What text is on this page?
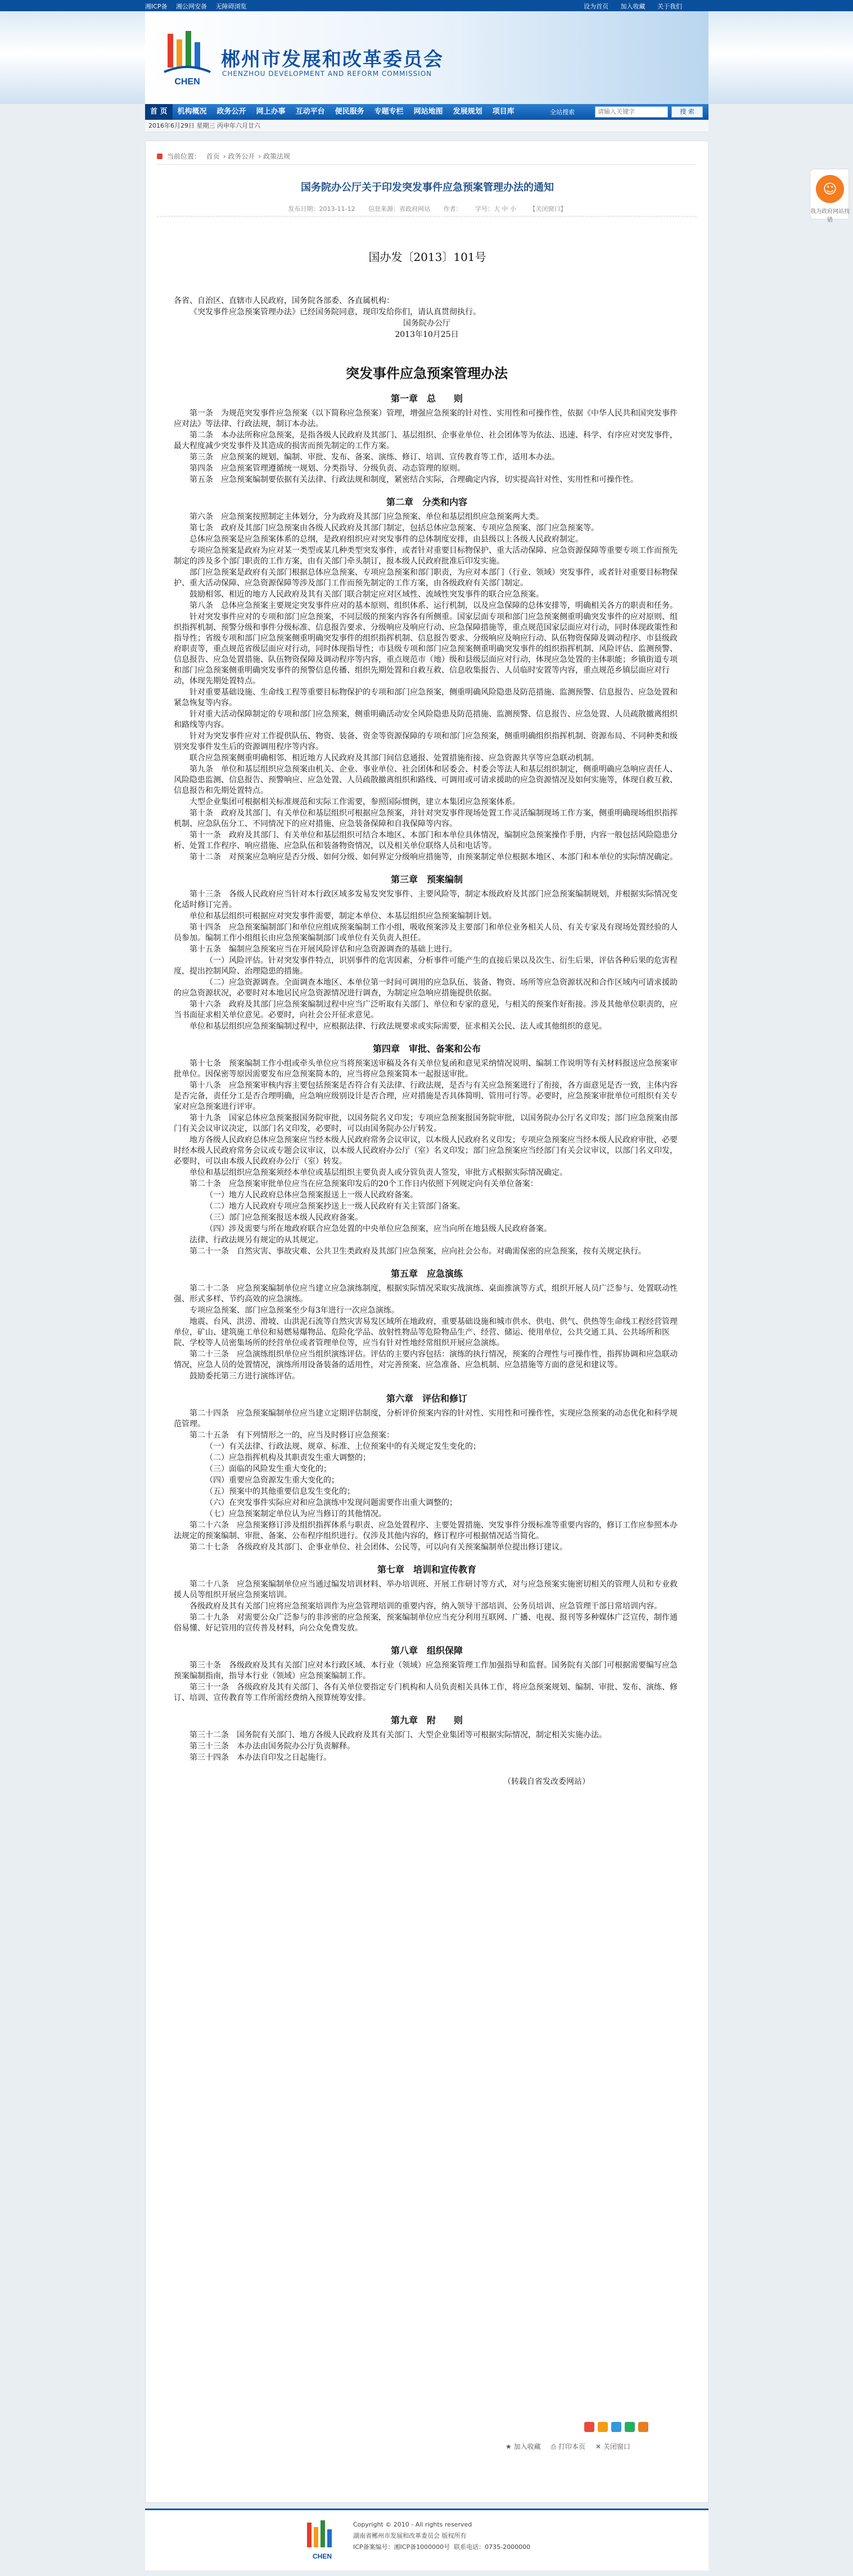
湘ICP备 湘公网安备 无障碍浏览	设为首页 加入收藏 关于我们
CHEN
郴州市发展和改革委员会
CHENZHOU DEVELOPMENT AND REFORM COMMISSION
首 页	机构概况	政务公开	网上办事	互动平台	便民服务	专题专栏	网站地图	发展规划	项目库	全站搜索
请输入关键字	搜 索
2016年6月29日 星期三 丙申年六月廿六
当前位置： 首页 › 政务公开 › 政策法规
国务院办公厅关于印发突发事件应急预案管理办法的通知
发布日期：2013-11-12 信息来源：省政府网站 作者： 字号：大 中 小 【关闭窗口】
国办发〔2013〕101号

各省、自治区、直辖市人民政府，国务院各部委、各直属机构：

《突发事件应急预案管理办法》已经国务院同意，现印发给你们，请认真贯彻执行。

国务院办公厅

2013年10月25日

突发事件应急预案管理办法
第一章　总　　则

第一条　为规范突发事件应急预案（以下简称应急预案）管理，增强应急预案的针对性、实用性和可操作性，依据《中华人民共和国突发事件应对法》等法律、行政法规，制订本办法。

第二条　本办法所称应急预案，是指各级人民政府及其部门、基层组织、企事业单位、社会团体等为依法、迅速、科学、有序应对突发事件，最大程度减少突发事件及其造成的损害而预先制定的工作方案。

第三条　应急预案的规划、编制、审批、发布、备案、演练、修订、培训、宣传教育等工作，适用本办法。

第四条　应急预案管理遵循统一规划、分类指导、分级负责、动态管理的原则。

第五条　应急预案编制要依据有关法律、行政法规和制度，紧密结合实际，合理确定内容，切实提高针对性、实用性和可操作性。

第二章　分类和内容

第六条　应急预案按照制定主体划分，分为政府及其部门应急预案、单位和基层组织应急预案两大类。

第七条　政府及其部门应急预案由各级人民政府及其部门制定，包括总体应急预案、专项应急预案、部门应急预案等。

总体应急预案是应急预案体系的总纲，是政府组织应对突发事件的总体制度安排，由县级以上各级人民政府制定。

专项应急预案是政府为应对某一类型或某几种类型突发事件，或者针对重要目标物保护、重大活动保障、应急资源保障等重要专项工作而预先制定的涉及多个部门职责的工作方案，由有关部门牵头制订，报本级人民政府批准后印发实施。

部门应急预案是政府有关部门根据总体应急预案、专项应急预案和部门职责，为应对本部门（行业、领域）突发事件，或者针对重要目标物保护、重大活动保障、应急资源保障等涉及部门工作而预先制定的工作方案，由各级政府有关部门制定。

鼓励相邻、相近的地方人民政府及其有关部门联合制定应对区域性、流域性突发事件的联合应急预案。

第八条　总体应急预案主要规定突发事件应对的基本原则、组织体系、运行机制，以及应急保障的总体安排等，明确相关各方的职责和任务。

针对突发事件应对的专项和部门应急预案，不同层级的预案内容各有所侧重。国家层面专项和部门应急预案侧重明确突发事件的应对原则、组织指挥机制、预警分级和事件分级标准、信息报告要求、分级响应及响应行动、应急保障措施等，重点规范国家层面应对行动，同时体现政策性和指导性；省级专项和部门应急预案侧重明确突发事件的组织指挥机制、信息报告要求、分级响应及响应行动、队伍物资保障及调动程序、市县级政府职责等，重点规范省级层面应对行动，同时体现指导性；市县级专项和部门应急预案侧重明确突发事件的组织指挥机制、风险评估、监测预警、信息报告、应急处置措施、队伍物资保障及调动程序等内容，重点规范市（地）级和县级层面应对行动，体现应急处置的主体职能；乡镇街道专项和部门应急预案侧重明确突发事件的预警信息传播、组织先期处置和自救互救、信息收集报告、人员临时安置等内容，重点规范乡镇层面应对行动，体现先期处置特点。

针对重要基础设施、生命线工程等重要目标物保护的专项和部门应急预案，侧重明确风险隐患及防范措施、监测预警、信息报告、应急处置和紧急恢复等内容。

针对重大活动保障制定的专项和部门应急预案，侧重明确活动安全风险隐患及防范措施、监测预警、信息报告、应急处置、人员疏散撤离组织和路线等内容。

针对为突发事件应对工作提供队伍、物资、装备、资金等资源保障的专项和部门应急预案，侧重明确组织指挥机制、资源布局、不同种类和级别突发事件发生后的资源调用程序等内容。

联合应急预案侧重明确相邻、相近地方人民政府及其部门间信息通报、处置措施衔接、应急资源共享等应急联动机制。

第九条　单位和基层组织应急预案由机关、企业、事业单位、社会团体和居委会、村委会等法人和基层组织制定，侧重明确应急响应责任人、风险隐患监测、信息报告、预警响应、应急处置、人员疏散撤离组织和路线、可调用或可请求援助的应急资源情况及如何实施等，体现自救互救、信息报告和先期处置特点。

大型企业集团可根据相关标准规范和实际工作需要，参照国际惯例，建立本集团应急预案体系。

第十条　政府及其部门、有关单位和基层组织可根据应急预案，并针对突发事件现场处置工作灵活编制现场工作方案，侧重明确现场组织指挥机制、应急队伍分工、不同情况下的应对措施、应急装备保障和自我保障等内容。

第十一条　政府及其部门、有关单位和基层组织可结合本地区、本部门和本单位具体情况，编制应急预案操作手册，内容一般包括风险隐患分析、处置工作程序、响应措施、应急队伍和装备物资情况，以及相关单位联络人员和电话等。

第十二条　对预案应急响应是否分级、如何分级、如何界定分级响应措施等，由预案制定单位根据本地区、本部门和本单位的实际情况确定。

第三章　预案编制

第十三条　各级人民政府应当针对本行政区域多发易发突发事件、主要风险等，制定本级政府及其部门应急预案编制规划，并根据实际情况变化适时修订完善。

单位和基层组织可根据应对突发事件需要，制定本单位、本基层组织应急预案编制计划。

第十四条　应急预案编制部门和单位应组成预案编制工作小组，吸收预案涉及主要部门和单位业务相关人员、有关专家及有现场处置经验的人员参加。编制工作小组组长由应急预案编制部门或单位有关负责人担任。

第十五条　编制应急预案应当在开展风险评估和应急资源调查的基础上进行。

（一）风险评估。针对突发事件特点，识别事件的危害因素，分析事件可能产生的直接后果以及次生、衍生后果，评估各种后果的危害程度，提出控制风险、治理隐患的措施。

（二）应急资源调查。全面调查本地区、本单位第一时间可调用的应急队伍、装备、物资、场所等应急资源状况和合作区域内可请求援助的应急资源状况，必要时对本地居民应急资源情况进行调查，为制定应急响应措施提供依据。

第十六条　政府及其部门应急预案编制过程中应当广泛听取有关部门、单位和专家的意见，与相关的预案作好衔接。涉及其他单位职责的，应当书面征求相关单位意见。必要时，向社会公开征求意见。

单位和基层组织应急预案编制过程中，应根据法律、行政法规要求或实际需要，征求相关公民、法人或其他组织的意见。

第四章　审批、备案和公布

第十七条　预案编制工作小组或牵头单位应当将预案送审稿及各有关单位复函和意见采纳情况说明、编制工作说明等有关材料报送应急预案审批单位。因保密等原因需要发布应急预案简本的，应当将应急预案简本一起报送审批。

第十八条　应急预案审核内容主要包括预案是否符合有关法律、行政法规，是否与有关应急预案进行了衔接，各方面意见是否一致，主体内容是否完备，责任分工是否合理明确，应急响应级别设计是否合理，应对措施是否具体简明、管用可行等。必要时，应急预案审批单位可组织有关专家对应急预案进行评审。

第十九条　国家总体应急预案报国务院审批，以国务院名义印发；专项应急预案报国务院审批，以国务院办公厅名义印发；部门应急预案由部门有关会议审议决定，以部门名义印发，必要时，可以由国务院办公厅转发。

地方各级人民政府总体应急预案应当经本级人民政府常务会议审议，以本级人民政府名义印发；专项应急预案应当经本级人民政府审批，必要时经本级人民政府常务会议或专题会议审议，以本级人民政府办公厅（室）名义印发；部门应急预案应当经部门有关会议审议，以部门名义印发，必要时，可以由本级人民政府办公厅（室）转发。

单位和基层组织应急预案须经本单位或基层组织主要负责人或分管负责人签发，审批方式根据实际情况确定。

第二十条　应急预案审批单位应当在应急预案印发后的20个工作日内依照下列规定向有关单位备案：

（一）地方人民政府总体应急预案报送上一级人民政府备案。

（二）地方人民政府专项应急预案抄送上一级人民政府有关主管部门备案。

（三）部门应急预案报送本级人民政府备案。

（四）涉及需要与所在地政府联合应急处置的中央单位应急预案，应当向所在地县级人民政府备案。

法律、行政法规另有规定的从其规定。

第二十一条　自然灾害、事故灾难、公共卫生类政府及其部门应急预案，应向社会公布。对确需保密的应急预案，按有关规定执行。

第五章　应急演练

第二十二条　应急预案编制单位应当建立应急演练制度，根据实际情况采取实战演练、桌面推演等方式，组织开展人员广泛参与、处置联动性强、形式多样、节约高效的应急演练。

专项应急预案、部门应急预案至少每3年进行一次应急演练。

地震、台风、洪涝、滑坡、山洪泥石流等自然灾害易发区域所在地政府，重要基础设施和城市供水、供电、供气、供热等生命线工程经营管理单位，矿山、建筑施工单位和易燃易爆物品、危险化学品、放射性物品等危险物品生产、经营、储运、使用单位，公共交通工具、公共场所和医院、学校等人员密集场所的经营单位或者管理单位等，应当有针对性地经常组织开展应急演练。

第二十三条　应急演练组织单位应当组织演练评估。评估的主要内容包括：演练的执行情况，预案的合理性与可操作性，指挥协调和应急联动情况，应急人员的处置情况，演练所用设备装备的适用性，对完善预案、应急准备、应急机制、应急措施等方面的意见和建议等。

鼓励委托第三方进行演练评估。

第六章　评估和修订

第二十四条　应急预案编制单位应当建立定期评估制度，分析评价预案内容的针对性、实用性和可操作性，实现应急预案的动态优化和科学规范管理。

第二十五条　有下列情形之一的，应当及时修订应急预案：

（一）有关法律、行政法规、规章、标准、上位预案中的有关规定发生变化的；

（二）应急指挥机构及其职责发生重大调整的；

（三）面临的风险发生重大变化的；

（四）重要应急资源发生重大变化的；

（五）预案中的其他重要信息发生变化的；

（六）在突发事件实际应对和应急演练中发现问题需要作出重大调整的；

（七）应急预案制定单位认为应当修订的其他情况。

第二十六条　应急预案修订涉及组织指挥体系与职责、应急处置程序、主要处置措施、突发事件分级标准等重要内容的，修订工作应参照本办法规定的预案编制、审批、备案、公布程序组织进行。仅涉及其他内容的，修订程序可根据情况适当简化。

第二十七条　各级政府及其部门、企事业单位、社会团体、公民等，可以向有关预案编制单位提出修订建议。

第七章　培训和宣传教育

第二十八条　应急预案编制单位应当通过编发培训材料、举办培训班、开展工作研讨等方式，对与应急预案实施密切相关的管理人员和专业救援人员等组织开展应急预案培训。

各级政府及其有关部门应将应急预案培训作为应急管理培训的重要内容，纳入领导干部培训、公务员培训、应急管理干部日常培训内容。

第二十九条　对需要公众广泛参与的非涉密的应急预案，预案编制单位应当充分利用互联网、广播、电视、报刊等多种媒体广泛宣传，制作通俗易懂、好记管用的宣传普及材料，向公众免费发放。

第八章　组织保障

第三十条　各级政府及其有关部门应对本行政区域、本行业（领域）应急预案管理工作加强指导和监督。国务院有关部门可根据需要编写应急预案编制指南，指导本行业（领域）应急预案编制工作。

第三十一条　各级政府及其有关部门、各有关单位要指定专门机构和人员负责相关具体工作，将应急预案规划、编制、审批、发布、演练、修订、培训、宣传教育等工作所需经费纳入预算统筹安排。

第九章　附　　则

第三十二条　国务院有关部门、地方各级人民政府及其有关部门、大型企业集团等可根据实际情况，制定相关实施办法。

第三十三条　本办法由国务院办公厅负责解释。

第三十四条　本办法自印发之日起施行。

（转载自省发改委网站）

★ 加入收藏 ⎙ 打印本页 ✕ 关闭窗口
CHEN
Copyright © 2010 - All rights reserved
湖南省郴州市发展和改革委员会 版权所有
ICP备案编号：湘ICP备1000000号 联系电话：0735-2000000
☺
我为政府网站找错
